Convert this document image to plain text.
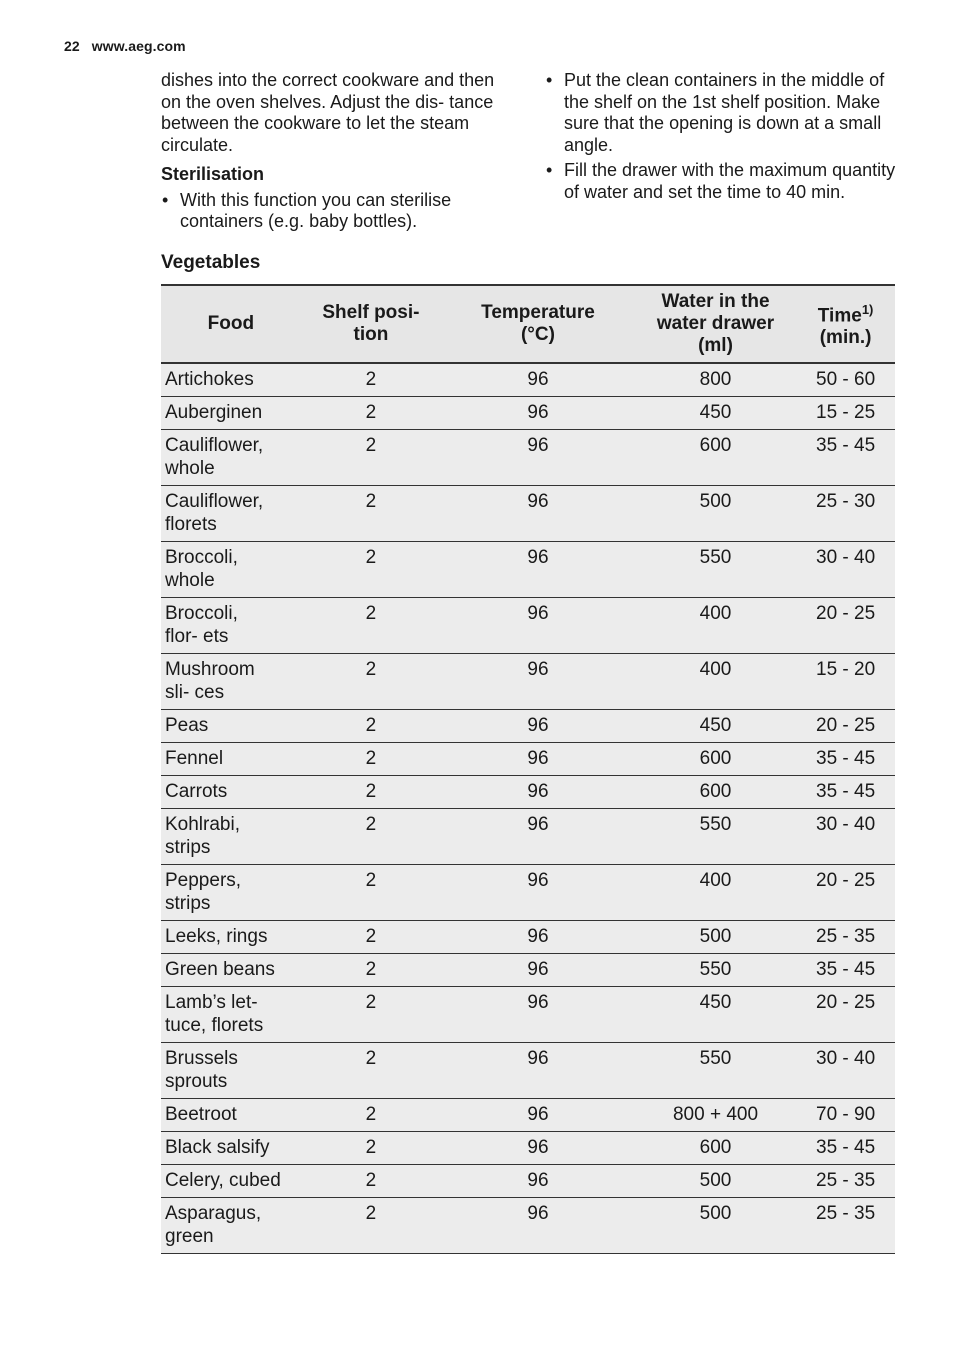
22 www.aeg.com

dishes into the correct cookware and then on the oven shelves. Adjust the dis- tance between the cookware to let the steam circulate.

Sterilisation

• With this function you can sterilise containers (e.g. baby bottles).

• Put the clean containers in the middle of the shelf on the 1st shelf position. Make sure that the opening is down at a small angle.

• Fill the drawer with the maximum quantity of water and set the time to 40 min.

Vegetables
Food	Shelf posi- tion	Temperature (°C)	Water in the water drawer (ml)	Time$^{1)}$
(min.)
Artichokes	2	96	800	50 - 60
Auberginen	2	96	450	15 - 25
Cauliflower, whole	2	96	600	35 - 45
Cauliflower, florets	2	96	500	25 - 30
Broccoli, whole	2	96	550	30 - 40
Broccoli, flor- ets	2	96	400	20 - 25
Mushroom sli- ces	2	96	400	15 - 20
Peas	2	96	450	20 - 25
Fennel	2	96	600	35 - 45
Carrots	2	96	600	35 - 45
Kohlrabi, strips	2	96	550	30 - 40
Peppers, strips	2	96	400	20 - 25
Leeks, rings	2	96	500	25 - 35
Green beans	2	96	550	35 - 45
Lamb’s let- tuce, florets	2	96	450	20 - 25
Brussels sprouts	2	96	550	30 - 40
Beetroot	2	96	800 + 400	70 - 90
Black salsify	2	96	600	35 - 45
Celery, cubed	2	96	500	25 - 35
Asparagus, green	2	96	500	25 - 35
